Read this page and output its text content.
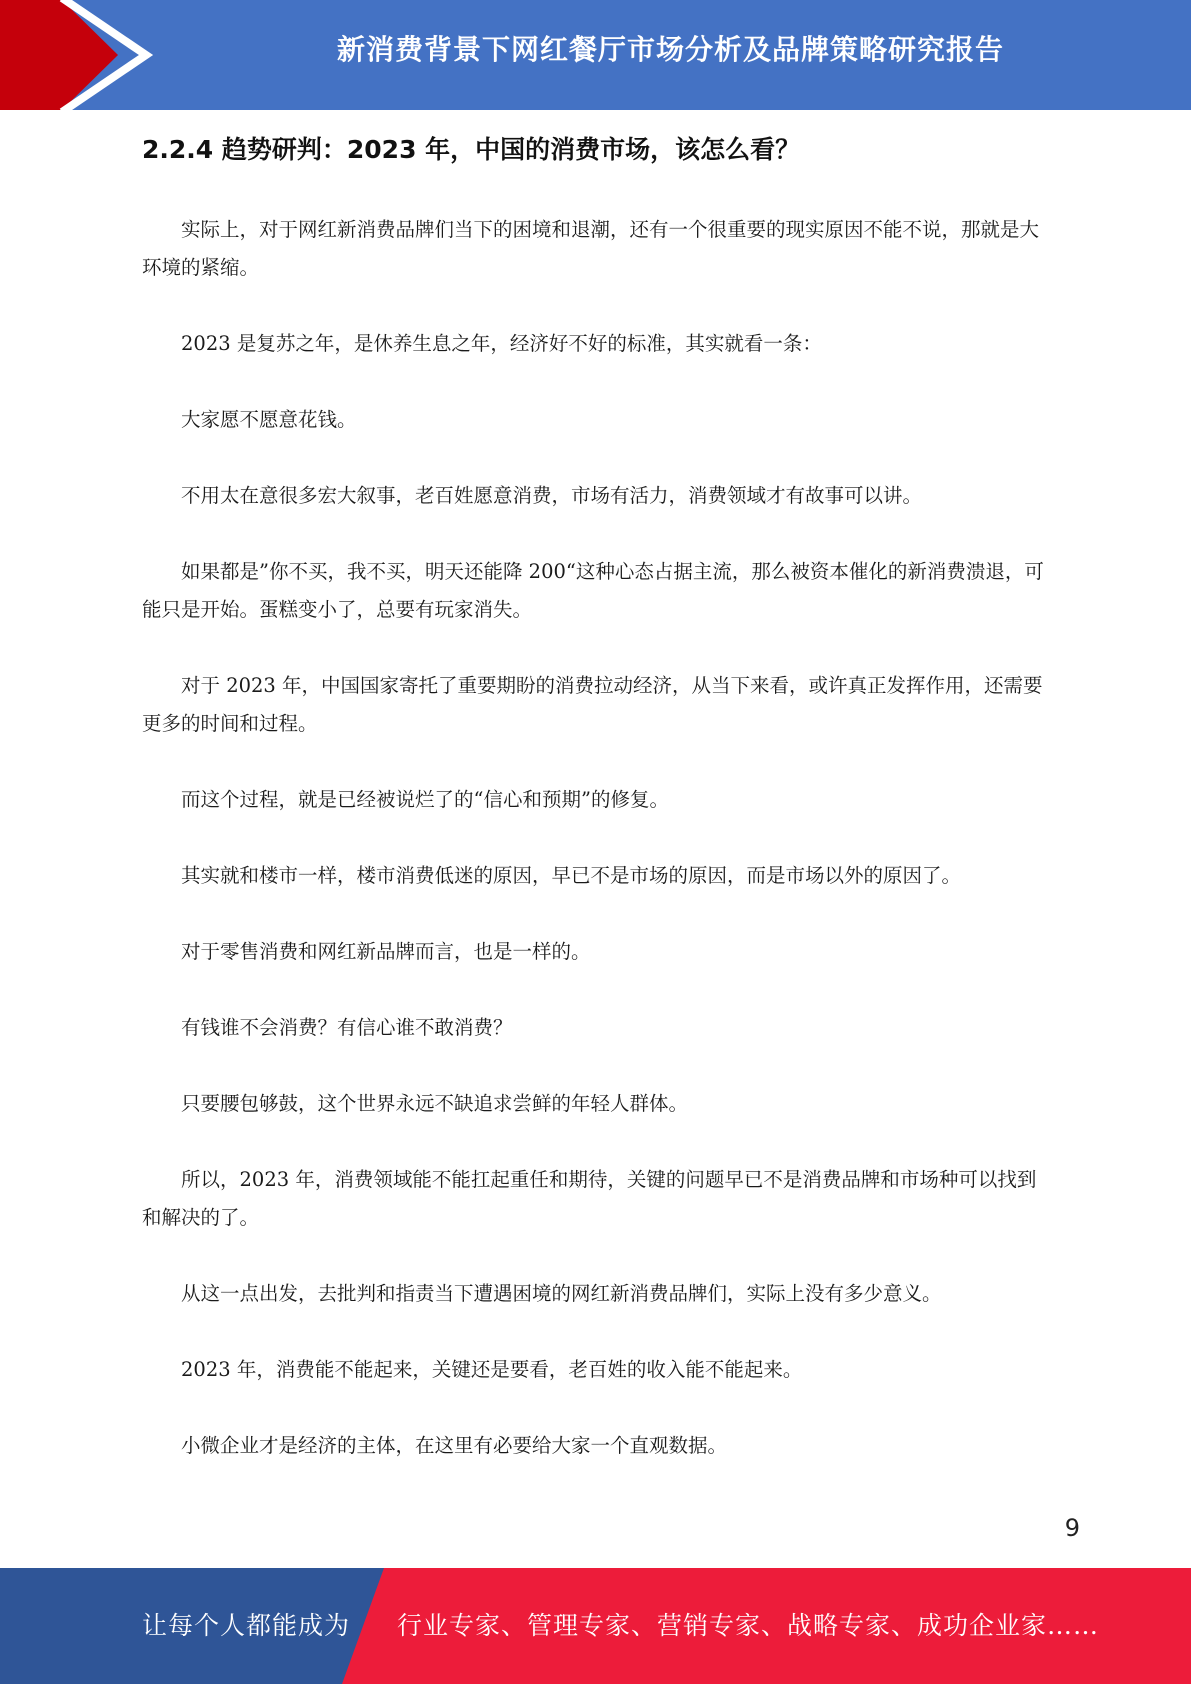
新消费背景下网红餐厅市场分析及品牌策略研究报告
2.2.4 趋势研判：2023 年，中国的消费市场，该怎么看？

实际上，对于网红新消费品牌们当下的困境和退潮，还有一个很重要的现实原因不能不说，那就是大环境的紧缩。

2023 是复苏之年，是休养生息之年，经济好不好的标准，其实就看一条：

大家愿不愿意花钱。

不用太在意很多宏大叙事，老百姓愿意消费，市场有活力，消费领域才有故事可以讲。

如果都是”你不买，我不买，明天还能降 200“这种心态占据主流，那么被资本催化的新消费溃退，可能只是开始。蛋糕变小了，总要有玩家消失。

对于 2023 年，中国国家寄托了重要期盼的消费拉动经济，从当下来看，或许真正发挥作用，还需要更多的时间和过程。

而这个过程，就是已经被说烂了的“信心和预期”的修复。

其实就和楼市一样，楼市消费低迷的原因，早已不是市场的原因，而是市场以外的原因了。

对于零售消费和网红新品牌而言，也是一样的。

有钱谁不会消费？有信心谁不敢消费？

只要腰包够鼓，这个世界永远不缺追求尝鲜的年轻人群体。

所以，2023 年，消费领域能不能扛起重任和期待，关键的问题早已不是消费品牌和市场种可以找到和解决的了。

从这一点出发，去批判和指责当下遭遇困境的网红新消费品牌们，实际上没有多少意义。

2023 年，消费能不能起来，关键还是要看，老百姓的收入能不能起来。

小微企业才是经济的主体，在这里有必要给大家一个直观数据。

9
让每个人都能成为 行业专家、管理专家、营销专家、战略专家、成功企业家……
